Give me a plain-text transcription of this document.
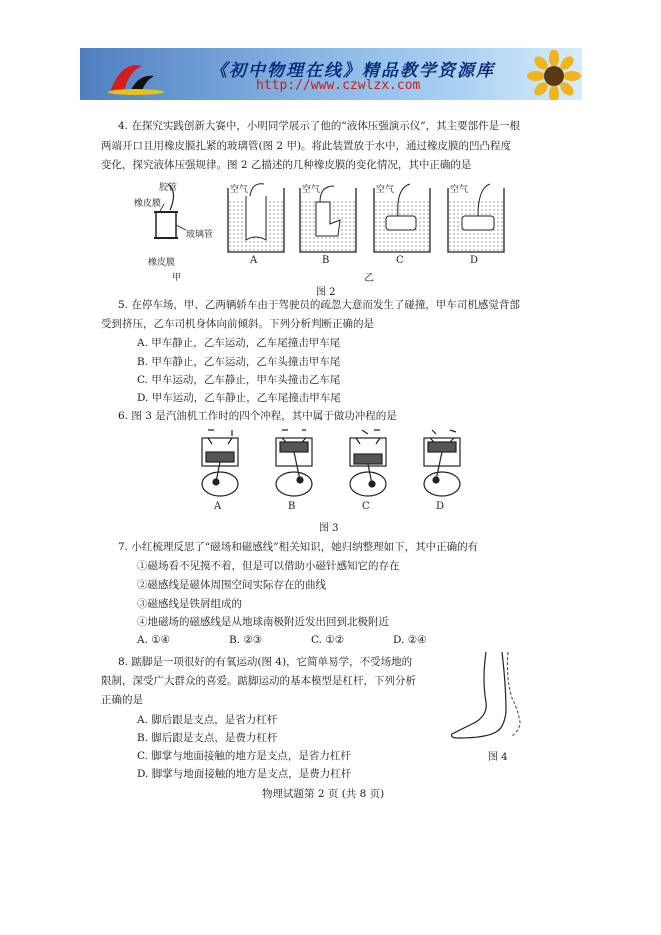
《初中物理在线》精品教学资源库
http://www.czwlzx.com
4. 在探究实践创新大赛中，小明同学展示了他的“液体压强演示仪”，其主要部件是一根
两端开口且用橡皮膜扎紧的玻璃管(图 2 甲)。将此装置放于水中，通过橡皮膜的凹凸程度
变化，探究液体压强规律。图 2 乙描述的几种橡皮膜的变化情况，其中正确的是
胶管
橡皮膜
玻璃管
橡皮膜
甲
空气	空气	空气	空气
A	B	C	D
乙
图 2
5. 在停车场，甲、乙两辆轿车由于驾驶员的疏忽大意而发生了碰撞，甲车司机感觉背部
受到挤压，乙车司机身体向前倾斜。下列分析判断正确的是
A. 甲车静止，乙车运动，乙车尾撞击甲车尾
B. 甲车静止，乙车运动，乙车头撞击甲车尾
C. 甲车运动，乙车静止，甲车头撞击乙车尾
D. 甲车运动，乙车静止，乙车尾撞击甲车尾
6. 图 3 是汽油机工作时的四个冲程，其中属于做功冲程的是
A	B	C	D
图 3
7. 小红梳理反思了“磁场和磁感线”相关知识，她归纳整理如下，其中正确的有
①磁场看不见摸不着，但是可以借助小磁针感知它的存在
②磁感线是磁体周围空间实际存在的曲线
③磁感线是铁屑组成的
④地磁场的磁感线是从地球南极附近发出回到北极附近
A. ①④	B. ②③	C. ①②	D. ②④
8. 踮脚是一项很好的有氧运动(图 4)，它简单易学，不受场地的
限制，深受广大群众的喜爱。踮脚运动的基本模型是杠杆，下列分析
正确的是
A. 脚后跟是支点，是省力杠杆
B. 脚后跟是支点，是费力杠杆
C. 脚掌与地面接触的地方是支点，是省力杠杆
D. 脚掌与地面接触的地方是支点，是费力杠杆
图 4
物理试题第 2 页 (共 8 页)
